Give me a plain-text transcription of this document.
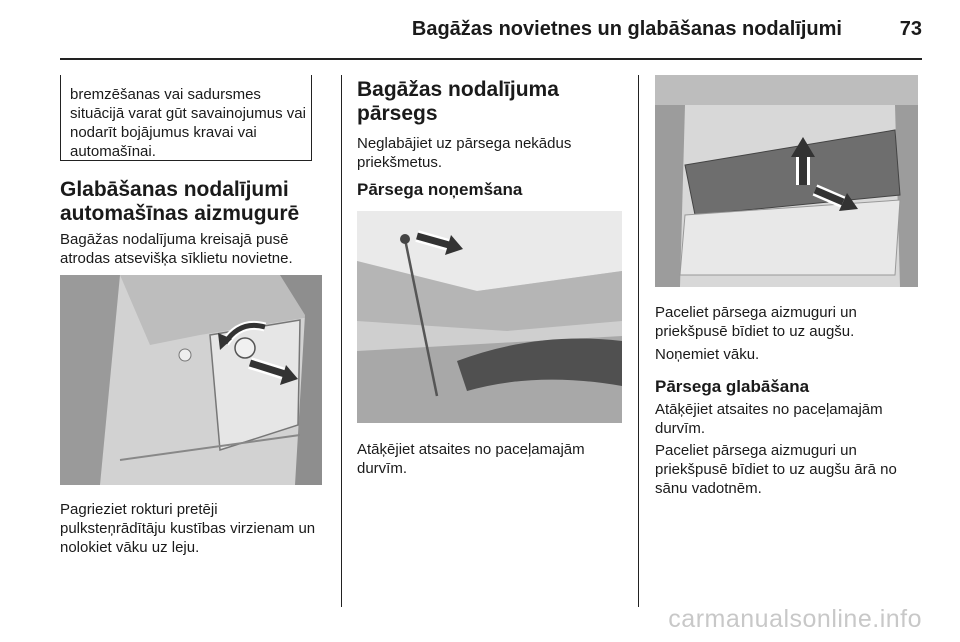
Bagāžas novietnes un glabāšanas nodalījumi	73
bremzēšanas vai sadursmes situācijā varat gūt savainojumus vai nodarīt bojājumus kravai vai automašīnai.
Glabāšanas nodalījumi automašīnas aizmugurē
Bagāžas nodalījuma kreisajā pusē atrodas atsevišķa sīklietu novietne.
Pagrieziet rokturi pretēji pulksteņrādītāju kustības virzienam un nolokiet vāku uz leju.
Bagāžas nodalījuma pārsegs
Neglabājiet uz pārsega nekādus priekšmetus.
Pārsega noņemšana
Atāķējiet atsaites no paceļamajām durvīm.
Paceliet pārsega aizmuguri un priekšpusē bīdiet to uz augšu.
Noņemiet vāku.
Pārsega glabāšana
Atāķējiet atsaites no paceļamajām durvīm.
Paceliet pārsega aizmuguri un priekšpusē bīdiet to uz augšu ārā no sānu vadotnēm.
carmanualsonline.info
